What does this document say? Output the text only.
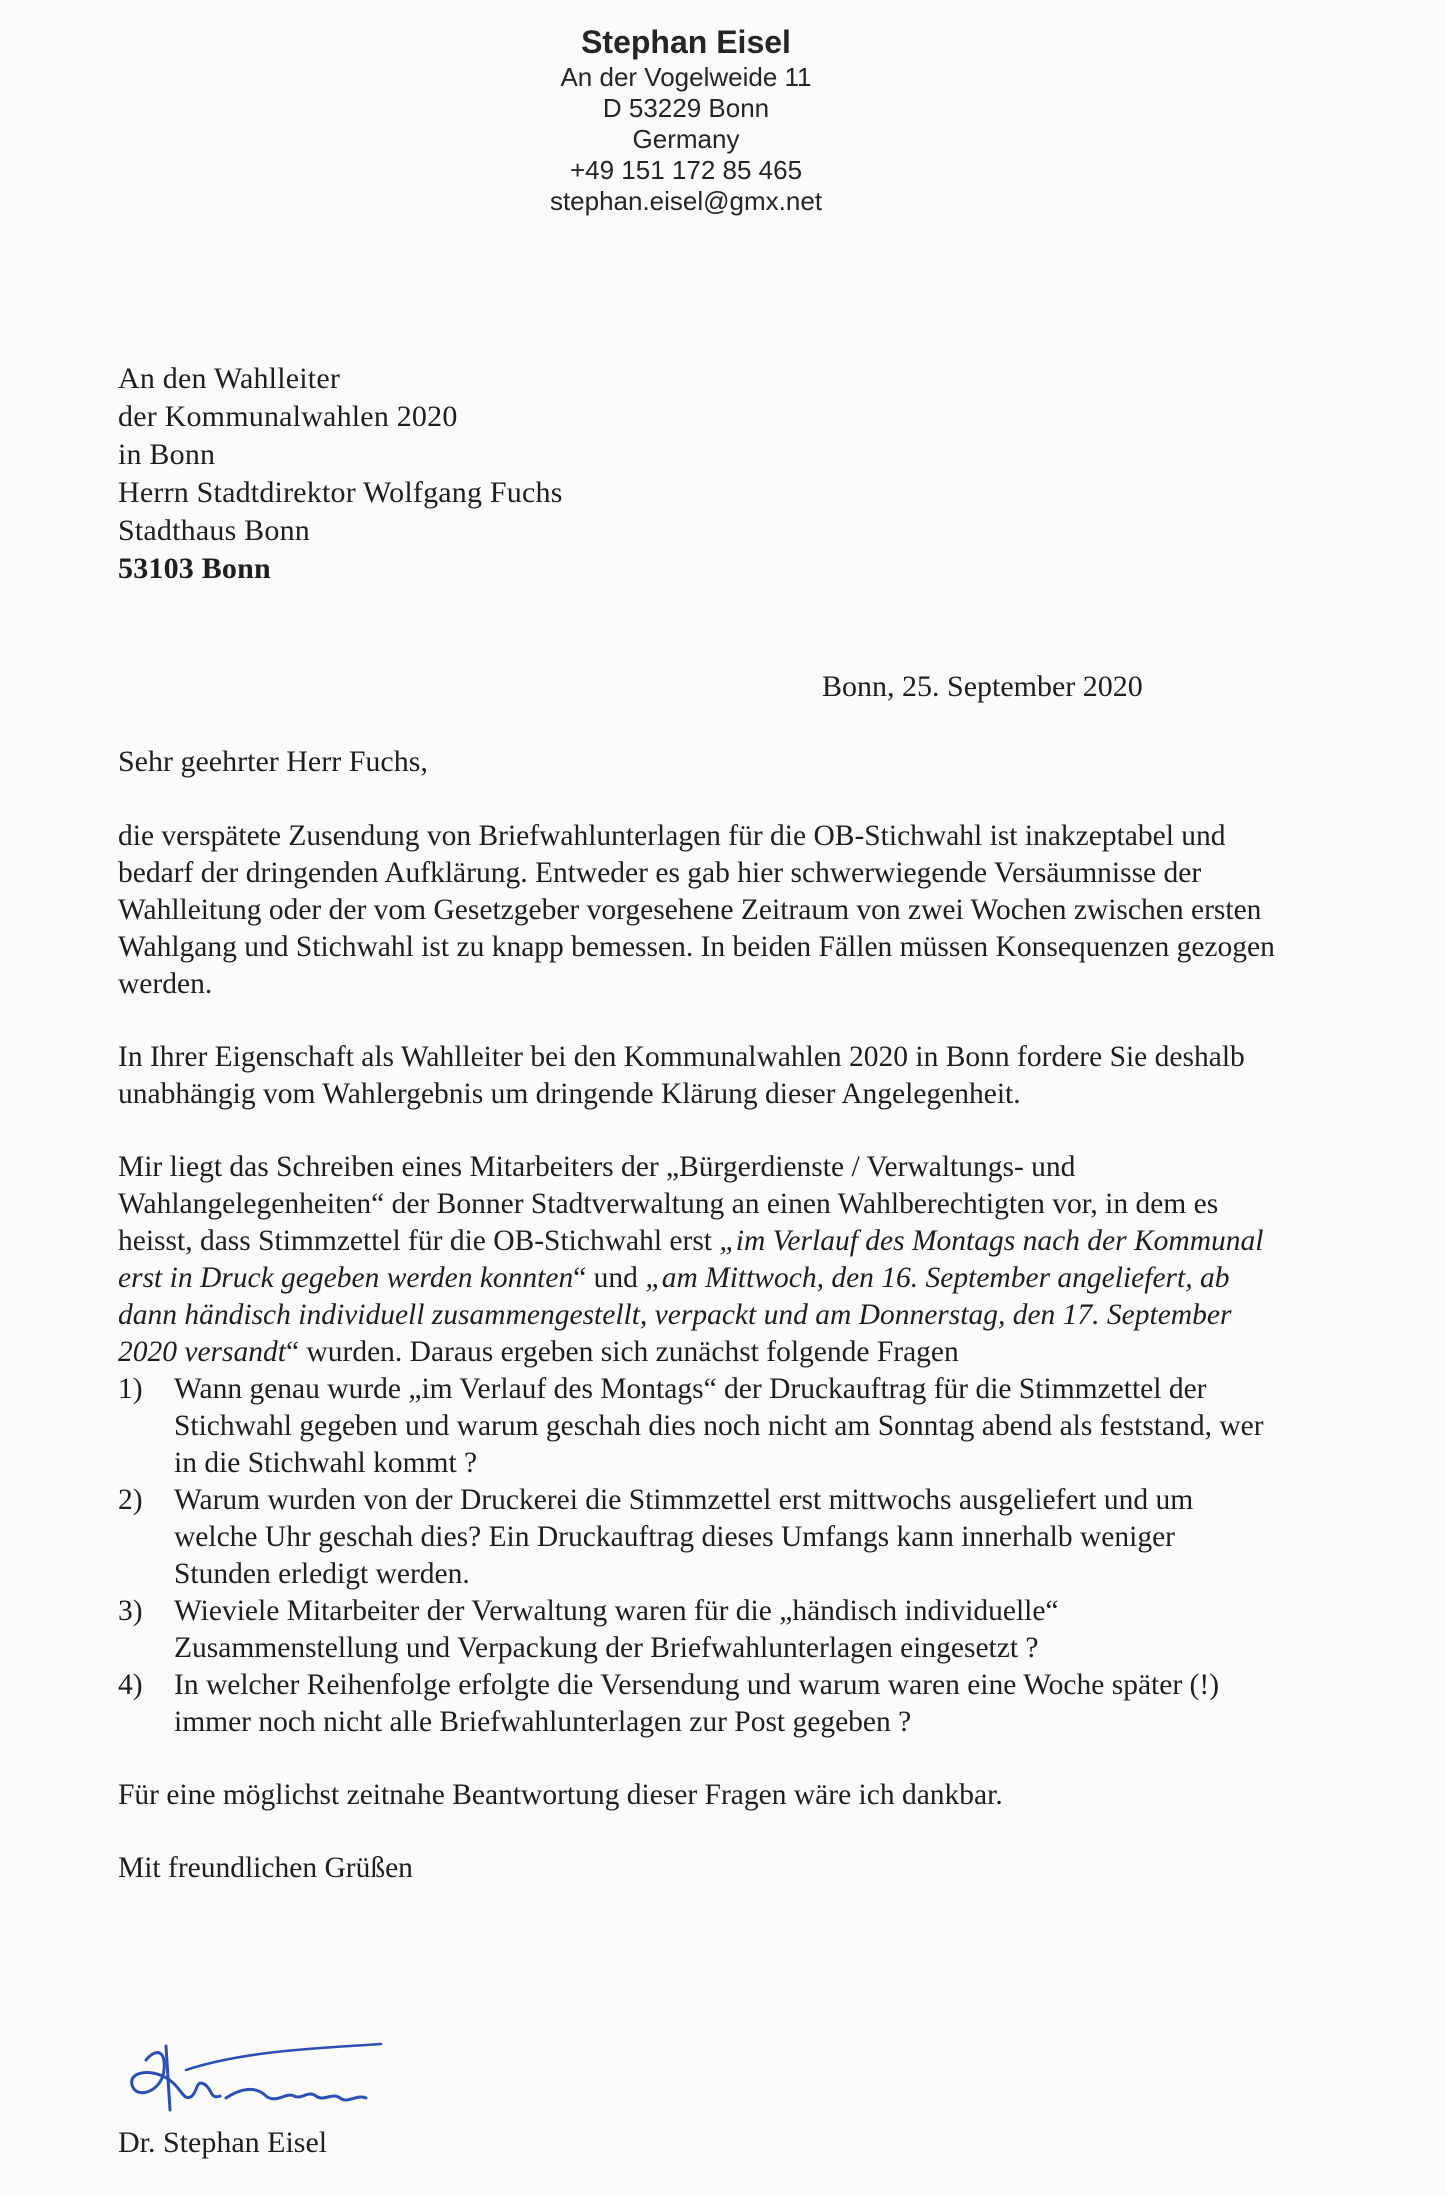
Stephan Eisel
An der Vogelweide 11
D 53229 Bonn
Germany
+49 151 172 85 465
stephan.eisel@gmx.net
An den Wahlleiter
der Kommunalwahlen 2020
in Bonn
Herrn Stadtdirektor Wolfgang Fuchs
Stadthaus Bonn
53103 Bonn
Bonn, 25. September 2020
Sehr geehrter Herr Fuchs,

die verspätete Zusendung von Briefwahlunterlagen für die OB-Stichwahl ist inakzeptabel und bedarf der dringenden Aufklärung. Entweder es gab hier schwerwiegende Versäumnisse der Wahlleitung oder der vom Gesetzgeber vorgesehene Zeitraum von zwei Wochen zwischen ersten Wahlgang und Stichwahl ist zu knapp bemessen. In beiden Fällen müssen Konsequenzen gezogen werden.

In Ihrer Eigenschaft als Wahlleiter bei den Kommunalwahlen 2020 in Bonn fordere Sie deshalb unabhängig vom Wahlergebnis um dringende Klärung dieser Angelegenheit.

Mir liegt das Schreiben eines Mitarbeiters der „Bürgerdienste / Verwaltungs- und Wahlangelegenheiten“ der Bonner Stadtverwaltung an einen Wahlberechtigten vor, in dem es heisst, dass Stimmzettel für die OB-Stichwahl erst „im Verlauf des Montags nach der Kommunal erst in Druck gegeben werden konnten“ und „am Mittwoch, den 16. September angeliefert, ab dann händisch individuell zusammengestellt, verpackt und am Donnerstag, den 17. September 2020 versandt“ wurden. Daraus ergeben sich zunächst folgende Fragen

1)	Wann genau wurde „im Verlauf des Montags“ der Druckauftrag für die Stimmzettel der Stichwahl gegeben und warum geschah dies noch nicht am Sonntag abend als feststand, wer in die Stichwahl kommt ?
2)	Warum wurden von der Druckerei die Stimmzettel erst mittwochs ausgeliefert und um welche Uhr geschah dies? Ein Druckauftrag dieses Umfangs kann innerhalb weniger Stunden erledigt werden.
3)	Wieviele Mitarbeiter der Verwaltung waren für die „händisch individuelle“ Zusammenstellung und Verpackung der Briefwahlunterlagen eingesetzt ?
4)	In welcher Reihenfolge erfolgte die Versendung und warum waren eine Woche später (!) immer noch nicht alle Briefwahlunterlagen zur Post gegeben ?

Für eine möglichst zeitnahe Beantwortung dieser Fragen wäre ich dankbar.

Mit freundlichen Grüßen

Dr. Stephan Eisel
